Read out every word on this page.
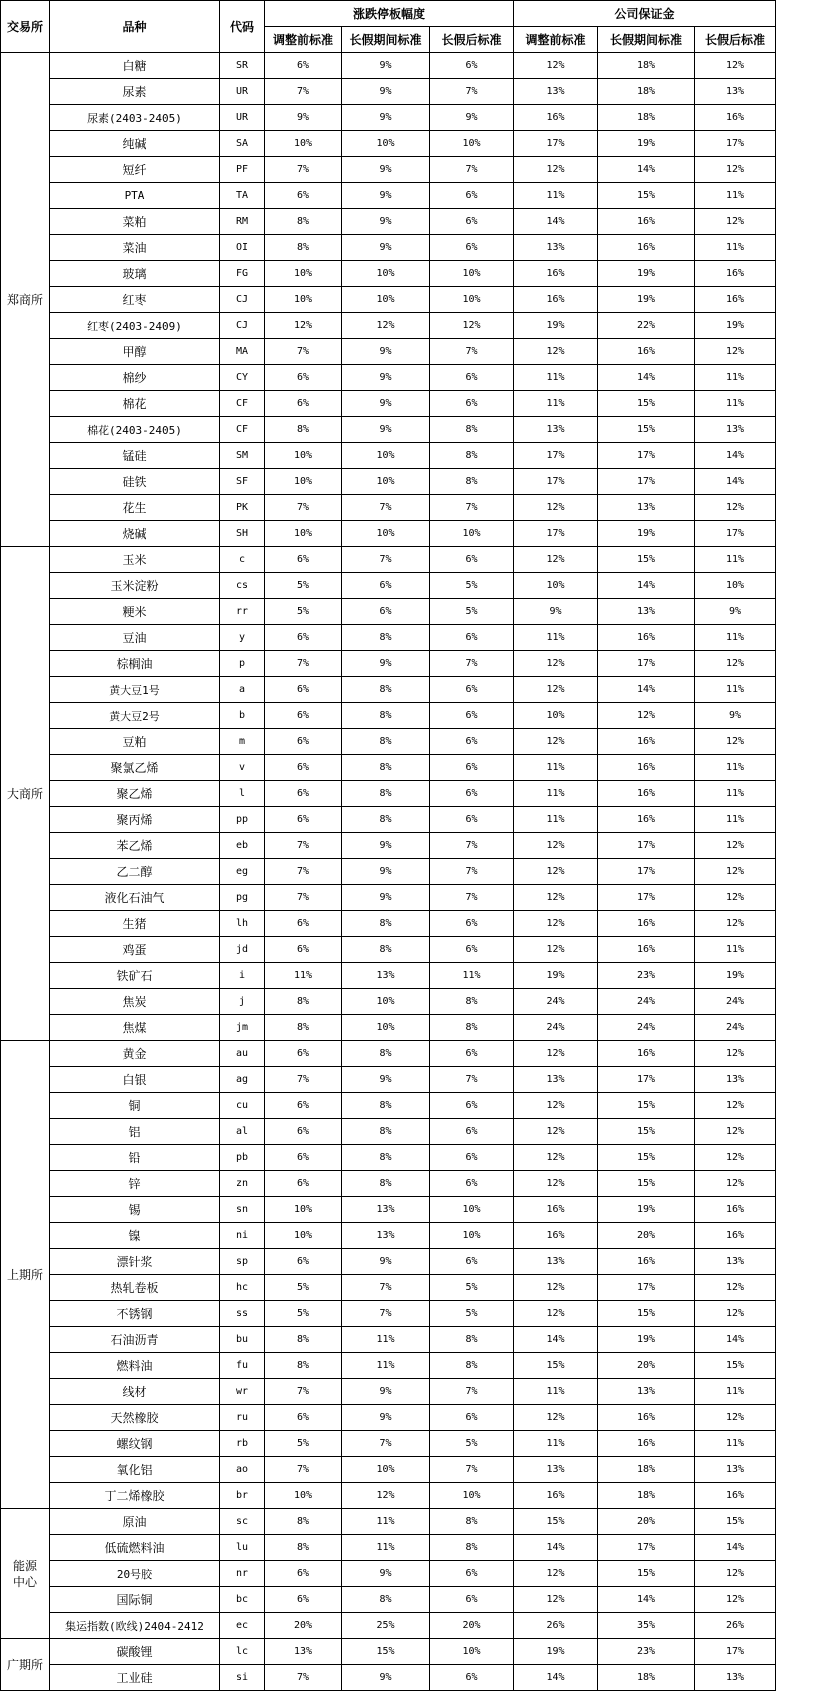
交易所	品种	代码	涨跌停板幅度			公司保证金		
			调整前标准	长假期间标准	长假后标准	调整前标准	长假期间标准	长假后标准
郑商所	白糖	SR	6%	9%	6%	12%	18%	12%
	尿素	UR	7%	9%	7%	13%	18%	13%
	尿素(2403-2405)	UR	9%	9%	9%	16%	18%	16%
	纯碱	SA	10%	10%	10%	17%	19%	17%
	短纤	PF	7%	9%	7%	12%	14%	12%
	PTA	TA	6%	9%	6%	11%	15%	11%
	菜粕	RM	8%	9%	6%	14%	16%	12%
	菜油	OI	8%	9%	6%	13%	16%	11%
	玻璃	FG	10%	10%	10%	16%	19%	16%
	红枣	CJ	10%	10%	10%	16%	19%	16%
	红枣(2403-2409)	CJ	12%	12%	12%	19%	22%	19%
	甲醇	MA	7%	9%	7%	12%	16%	12%
	棉纱	CY	6%	9%	6%	11%	14%	11%
	棉花	CF	6%	9%	6%	11%	15%	11%
	棉花(2403-2405)	CF	8%	9%	8%	13%	15%	13%
	锰硅	SM	10%	10%	8%	17%	17%	14%
	硅铁	SF	10%	10%	8%	17%	17%	14%
	花生	PK	7%	7%	7%	12%	13%	12%
	烧碱	SH	10%	10%	10%	17%	19%	17%
大商所	玉米	c	6%	7%	6%	12%	15%	11%
	玉米淀粉	cs	5%	6%	5%	10%	14%	10%
	粳米	rr	5%	6%	5%	9%	13%	9%
	豆油	y	6%	8%	6%	11%	16%	11%
	棕榈油	p	7%	9%	7%	12%	17%	12%
	黄大豆1号	a	6%	8%	6%	12%	14%	11%
	黄大豆2号	b	6%	8%	6%	10%	12%	9%
	豆粕	m	6%	8%	6%	12%	16%	12%
	聚氯乙烯	v	6%	8%	6%	11%	16%	11%
	聚乙烯	l	6%	8%	6%	11%	16%	11%
	聚丙烯	pp	6%	8%	6%	11%	16%	11%
	苯乙烯	eb	7%	9%	7%	12%	17%	12%
	乙二醇	eg	7%	9%	7%	12%	17%	12%
	液化石油气	pg	7%	9%	7%	12%	17%	12%
	生猪	lh	6%	8%	6%	12%	16%	12%
	鸡蛋	jd	6%	8%	6%	12%	16%	11%
	铁矿石	i	11%	13%	11%	19%	23%	19%
	焦炭	j	8%	10%	8%	24%	24%	24%
	焦煤	jm	8%	10%	8%	24%	24%	24%
上期所	黄金	au	6%	8%	6%	12%	16%	12%
	白银	ag	7%	9%	7%	13%	17%	13%
	铜	cu	6%	8%	6%	12%	15%	12%
	铝	al	6%	8%	6%	12%	15%	12%
	铅	pb	6%	8%	6%	12%	15%	12%
	锌	zn	6%	8%	6%	12%	15%	12%
	锡	sn	10%	13%	10%	16%	19%	16%
	镍	ni	10%	13%	10%	16%	20%	16%
	漂针浆	sp	6%	9%	6%	13%	16%	13%
	热轧卷板	hc	5%	7%	5%	12%	17%	12%
	不锈钢	ss	5%	7%	5%	12%	15%	12%
	石油沥青	bu	8%	11%	8%	14%	19%	14%
	燃料油	fu	8%	11%	8%	15%	20%	15%
	线材	wr	7%	9%	7%	11%	13%	11%
	天然橡胶	ru	6%	9%	6%	12%	16%	12%
	螺纹钢	rb	5%	7%	5%	11%	16%	11%
	氧化铝	ao	7%	10%	7%	13%	18%	13%
	丁二烯橡胶	br	10%	12%	10%	16%	18%	16%
能源中心	原油	sc	8%	11%	8%	15%	20%	15%
	低硫燃料油	lu	8%	11%	8%	14%	17%	14%
	20号胶	nr	6%	9%	6%	12%	15%	12%
	国际铜	bc	6%	8%	6%	12%	14%	12%
	集运指数(欧线)2404-2412	ec	20%	25%	20%	26%	35%	26%
广期所	碳酸锂	lc	13%	15%	10%	19%	23%	17%
	工业硅	si	7%	9%	6%	14%	18%	13%
